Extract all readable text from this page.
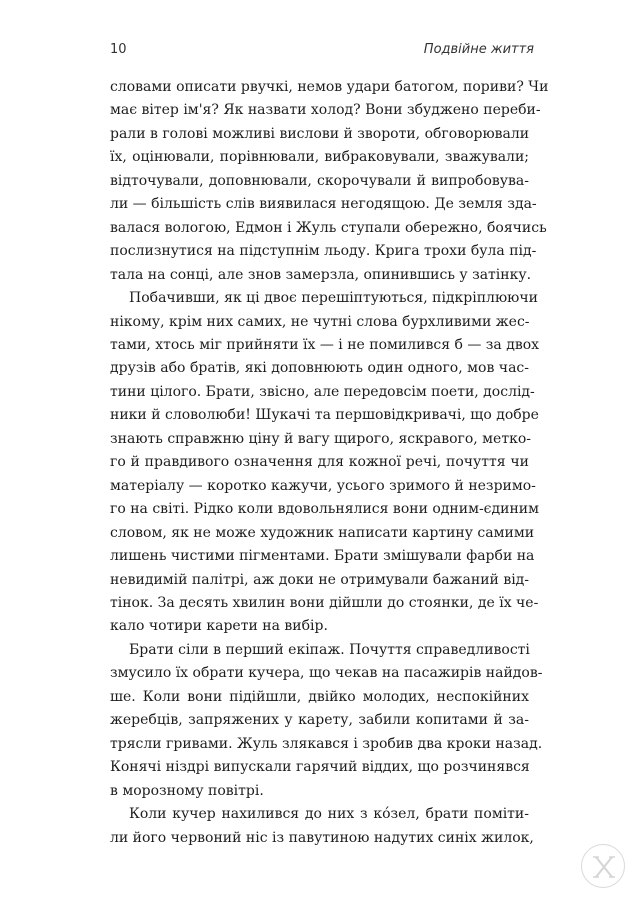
10	Подвійне життя
словами описати рвучкі, немов удари батогом, пориви? Чи
має вітер ім'я? Як назвати холод? Вони збуджено переби-
рали в голові можливі вислови й звороти, обговорювали
їх, оцінювали, порівнювали, вибраковували, зважували;
відточували, доповнювали, скорочували й випробовува-
ли — більшість слів виявилася негодящою. Де земля зда-
валася вологою, Едмон і Жуль ступали обережно, боячись
послизнутися на підступнім льоду. Крига трохи була під-
тала на сонці, але знов замерзла, опинившись у затінку.
Побачивши, як ці двоє перешіптуються, підкріплюючи
нікому, крім них самих, не чутні слова бурхливими жес-
тами, хтось міг прийняти їх — і не помилився б — за двох
друзів або братів, які доповнюють один одного, мов час-
тини цілого. Брати, звісно, але передовсім поети, дослід-
ники й словолюби! Шукачі та першовідкривачі, що добре
знають справжню ціну й вагу щирого, яскравого, метко-
го й правдивого означення для кожної речі, почуття чи
матеріалу — коротко кажучи, усього зримого й незримо-
го на світі. Рідко коли вдовольнялися вони одним-єдиним
словом, як не може художник написати картину самими
лишень чистими пігментами. Брати змішували фарби на
невидимій палітрі, аж доки не отримували бажаний від-
тінок. За десять хвилин вони дійшли до стоянки, де їх че-
кало чотири карети на вибір.
Брати сіли в перший екіпаж. Почуття справедливості
змусило їх обрати кучера, що чекав на пасажирів найдов-
ше. Коли вони підійшли, двійко молодих, неспокійних
жеребців, запряжених у карету, забили копитами й за-
трясли гривами. Жуль злякався і зробив два кроки назад.
Конячі ніздрі випускали гарячий віддих, що розчинявся
в морозному повітрі.
Коли кучер нахилився до них з кóзел, брати поміти-
ли його червоний ніс із павутиною надутих синіх жилок,
